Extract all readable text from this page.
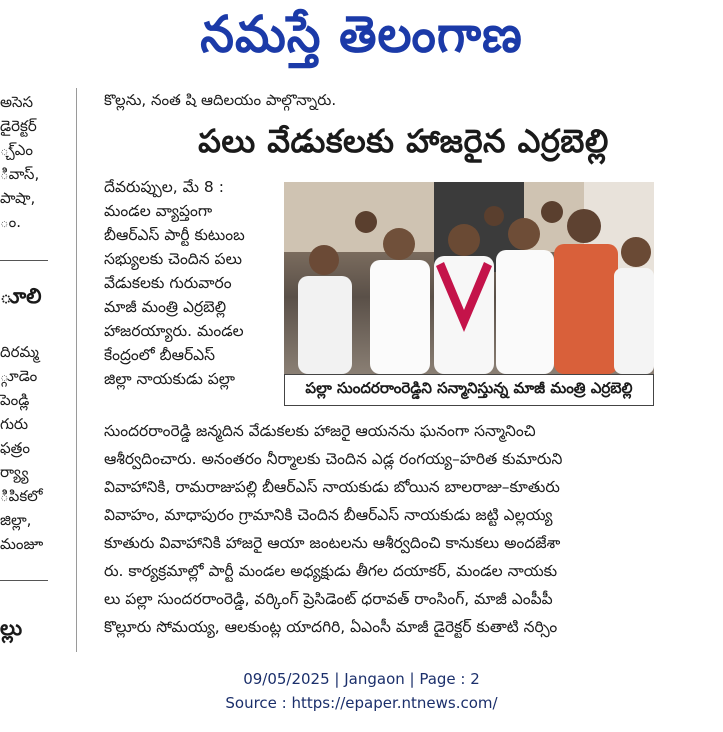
నమస్తే తెలంగాణ
అసెస
డైరెక్టర్
్చ్ఎం
ివాస్,
పాషా,
ం.
ూలి
దిరమ్మ
్గూడెం
పెండ్లి
గురు
ఫత్రం
ర్య్యా
ిపికలో
జిల్లా,
మంజూ
ల్లు
కొల్లను, నంత షి ఆదిలయం పాల్గొన్నారు.
పలు వేడుకలకు హాజరైన ఎర్రబెల్లి
దేవరుప్పుల, మే 8 :
మండల వ్యాప్తంగా
బీఆర్ఎస్ పార్టీ కుటుంబ
సభ్యులకు చెందిన పలు
వేడుకలకు గురువారం
మాజీ మంత్రి ఎర్రబెల్లి
హాజరయ్యారు. మండల
కేంద్రంలో బీఆర్ఎస్
జిల్లా నాయకుడు పల్లా	పల్లా సుందరరాంరెడ్డిని సన్మానిస్తున్న మాజీ మంత్రి ఎర్రబెల్లి
సుందరరాంరెడ్డి జన్మదిన వేడుకలకు హాజరై ఆయనను ఘనంగా సన్మానించి
ఆశీర్వదించారు. అనంతరం నీర్మాలకు చెందిన ఎడ్ల రంగయ్య–హరిత కుమారుని
వివాహానికి, రామరాజుపల్లి బీఆర్ఎస్ నాయకుడు బోయిన బాలరాజు–కూతురు
వివాహం, మాధాపురం గ్రామానికి చెందిన బీఆర్ఎస్ నాయకుడు జట్టి ఎల్లయ్య
కూతురు వివాహానికి హాజరై ఆయా జంటలను ఆశీర్వదించి కానుకలు అందజేశా
రు. కార్యక్రమాల్లో పార్టీ మండల అధ్యక్షుడు తీగల దయాకర్, మండల నాయకు
లు పల్లా సుందరరాంరెడ్డి, వర్కింగ్ ప్రెసిడెంట్ ధరావత్ రాంసింగ్, మాజీ ఎంపీపీ
కొల్లూరు సోమయ్య, ఆలకుంట్ల యాదగిరి, ఏఎంసీ మాజీ డైరెక్టర్ కుతాటి నర్సిం
09/05/2025 | Jangaon | Page : 2
Source : https://epaper.ntnews.com/
